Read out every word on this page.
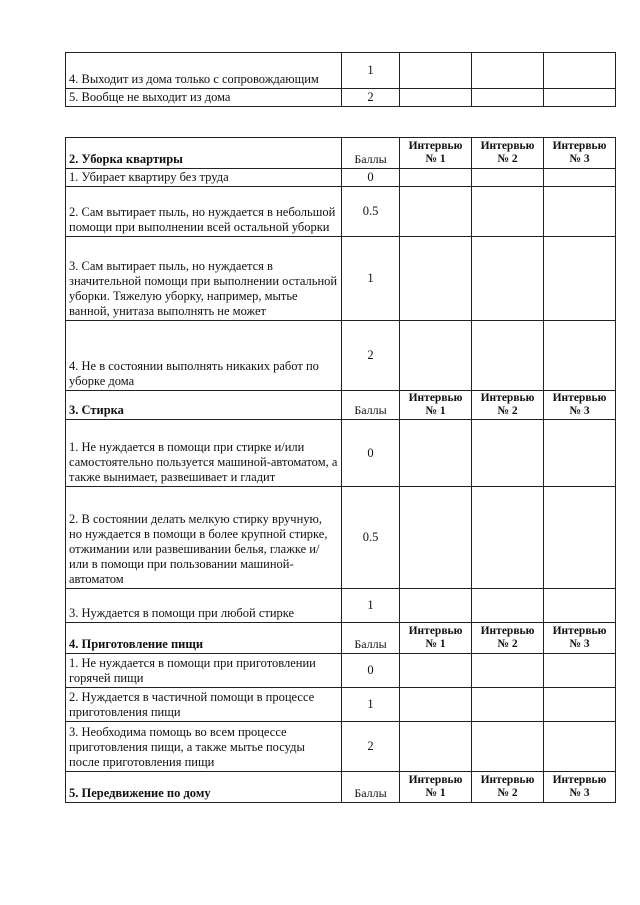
4. Выходит из дома только с сопровождающим	1			
5. Вообще не выходит из дома	2			
2. Уборка квартиры	Баллы	Интервью № 1	Интервью № 2	Интервью № 3
1. Убирает квартиру без труда	0			
2. Сам вытирает пыль, но нуждается в небольшой помощи при выполнении всей остальной уборки	0.5			
3. Сам вытирает пыль, но нуждается в значительной помощи при выполнении остальной уборки. Тяжелую уборку, например, мытье ванной, унитаза выполнять не может	1			
4. Не в состоянии выполнять никаких работ по уборке дома	2			
3. Стирка	Баллы	Интервью № 1	Интервью № 2	Интервью № 3
1. Не нуждается в помощи при стирке и/или самостоятельно пользуется машиной-автоматом, а также вынимает, развешивает и гладит	0			
2. В состоянии делать мелкую стирку вручную, но нуждается в помощи в более крупной стирке, отжимании или развешивании белья, глажке и/или в помощи при пользовании машиной-автоматом	0.5			
3. Нуждается в помощи при любой стирке	1			
4. Приготовление пищи	Баллы	Интервью № 1	Интервью № 2	Интервью № 3
1. Не нуждается в помощи при приготовлении горячей пищи	0			
2. Нуждается в частичной помощи в процессе приготовления пищи	1			
3. Необходима помощь во всем процессе приготовления пищи, а также мытье посуды после приготовления пищи	2			
5. Передвижение по дому	Баллы	Интервью № 1	Интервью № 2	Интервью № 3
